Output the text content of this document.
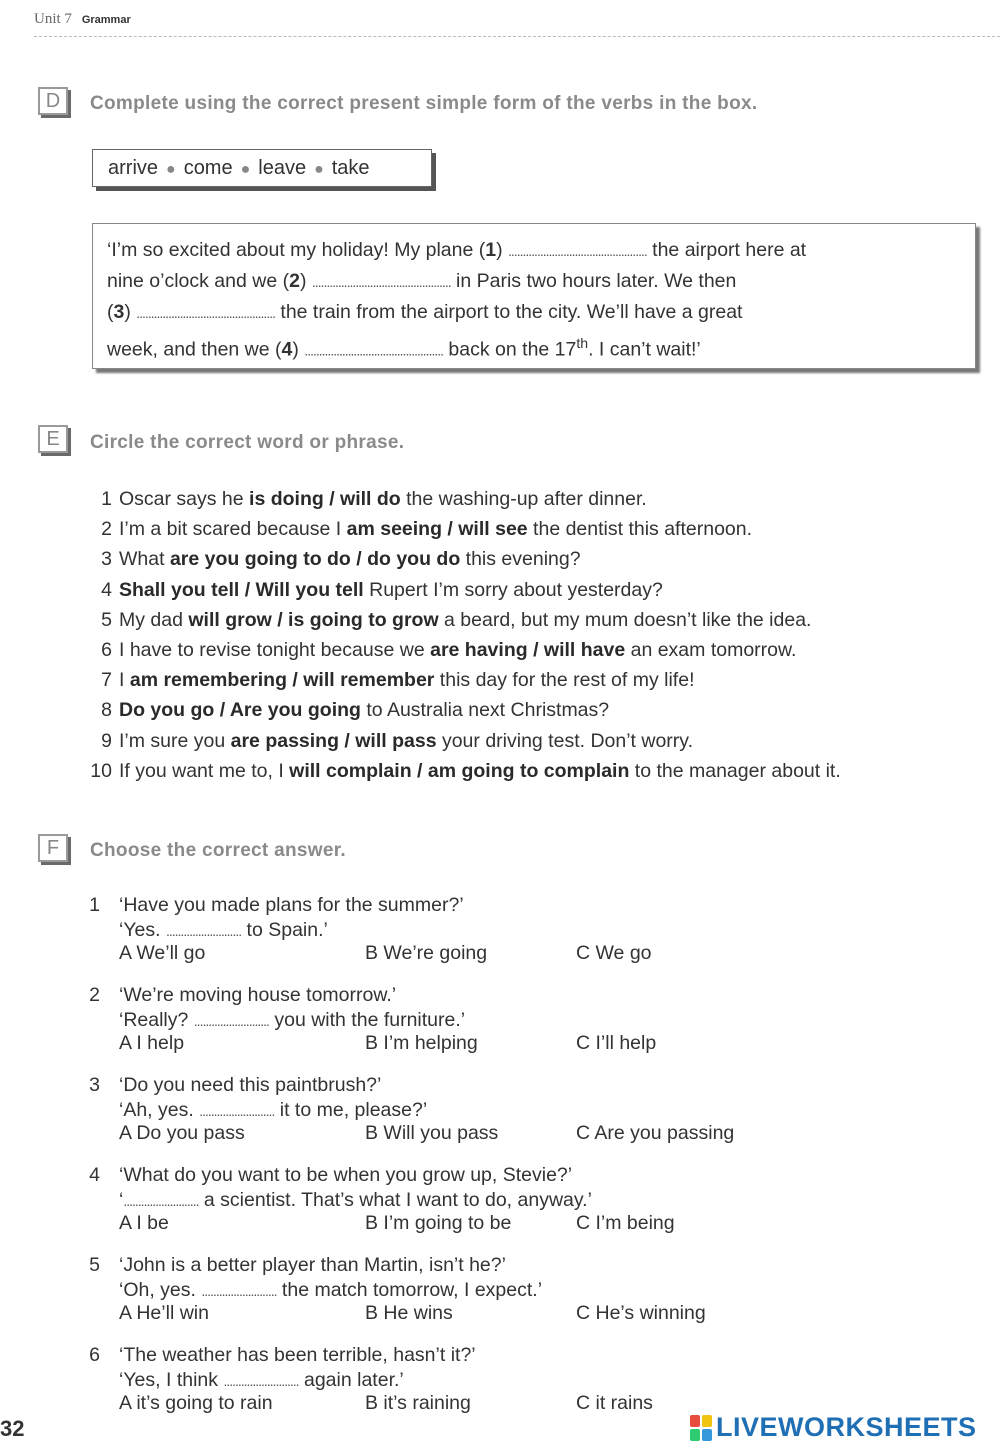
Unit 7 Grammar
D	Complete using the correct present simple form of the verbs in the box.
arrive ● come ● leave ● take
‘I’m so excited about my holiday! My plane (1) ................................................ the airport here at
nine o’clock and we (2) ................................................ in Paris two hours later. We then
(3) ................................................ the train from the airport to the city. We’ll have a great
week, and then we (4) ................................................ back on the 17th. I can’t wait!’
E	Circle the correct word or phrase.
1 Oscar says he is doing / will do the washing-up after dinner.
2 I’m a bit scared because I am seeing / will see the dentist this afternoon.
3 What are you going to do / do you do this evening?
4 Shall you tell / Will you tell Rupert I’m sorry about yesterday?
5 My dad will grow / is going to grow a beard, but my mum doesn’t like the idea.
6 I have to revise tonight because we are having / will have an exam tomorrow.
7 I am remembering / will remember this day for the rest of my life!
8 Do you go / Are you going to Australia next Christmas?
9 I’m sure you are passing / will pass your driving test. Don’t worry.
10 If you want me to, I will complain / am going to complain to the manager about it.
F	Choose the correct answer.
1 ‘Have you made plans for the summer?’
‘Yes. .......................... to Spain.’
A We’ll go	B We’re going	C We go
2 ‘We’re moving house tomorrow.’
‘Really? .......................... you with the furniture.’
A I help	B I’m helping	C I’ll help
3 ‘Do you need this paintbrush?’
‘Ah, yes. .......................... it to me, please?’
A Do you pass	B Will you pass	C Are you passing
4 ‘What do you want to be when you grow up, Stevie?’
‘.......................... a scientist. That’s what I want to do, anyway.’
A I be	B I’m going to be	C I’m being
5 ‘John is a better player than Martin, isn’t he?’
‘Oh, yes. .......................... the match tomorrow, I expect.’
A He’ll win	B He wins	C He’s winning
6 ‘The weather has been terrible, hasn’t it?’
‘Yes, I think .......................... again later.’
A it’s going to rain	B it’s raining	C it rains
32	LIVEWORKSHEETS
